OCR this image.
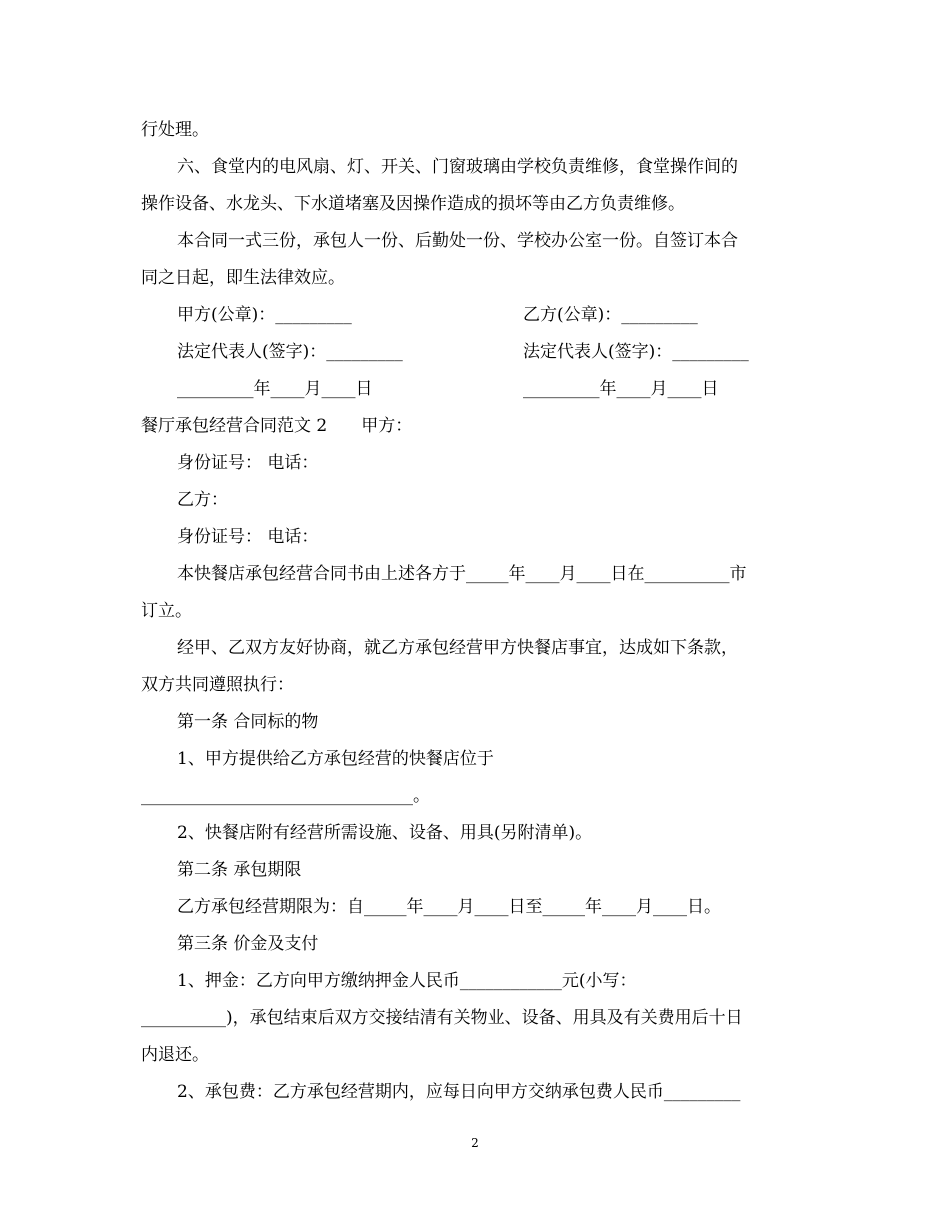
行处理。
六、食堂内的电风扇、灯、开关、门窗玻璃由学校负责维修，食堂操作间的
操作设备、水龙头、下水道堵塞及因操作造成的损坏等由乙方负责维修。
本合同一式三份，承包人一份、后勤处一份、学校办公室一份。自签订本合
同之日起，即生法律效应。
甲方(公章)：_________	乙方(公章)：_________
法定代表人(签字)：_________	法定代表人(签字)：_________
_________年____月____日	_________年____月____日
餐厅承包经营合同范文 2　　甲方：
身份证号： 电话：
乙方：
身份证号： 电话：
本快餐店承包经营合同书由上述各方于_____年____月____日在__________市
订立。
经甲、乙双方友好协商，就乙方承包经营甲方快餐店事宜，达成如下条款，
双方共同遵照执行：
第一条 合同标的物
1、甲方提供给乙方承包经营的快餐店位于
________________________________。
2、快餐店附有经营所需设施、设备、用具(另附清单)。
第二条 承包期限
乙方承包经营期限为：自_____年____月____日至_____年____月____日。
第三条 价金及支付
1、押金：乙方向甲方缴纳押金人民币____________元(小写：
__________)，承包结束后双方交接结清有关物业、设备、用具及有关费用后十日
内退还。
2、承包费：乙方承包经营期内，应每日向甲方交纳承包费人民币_________
2
